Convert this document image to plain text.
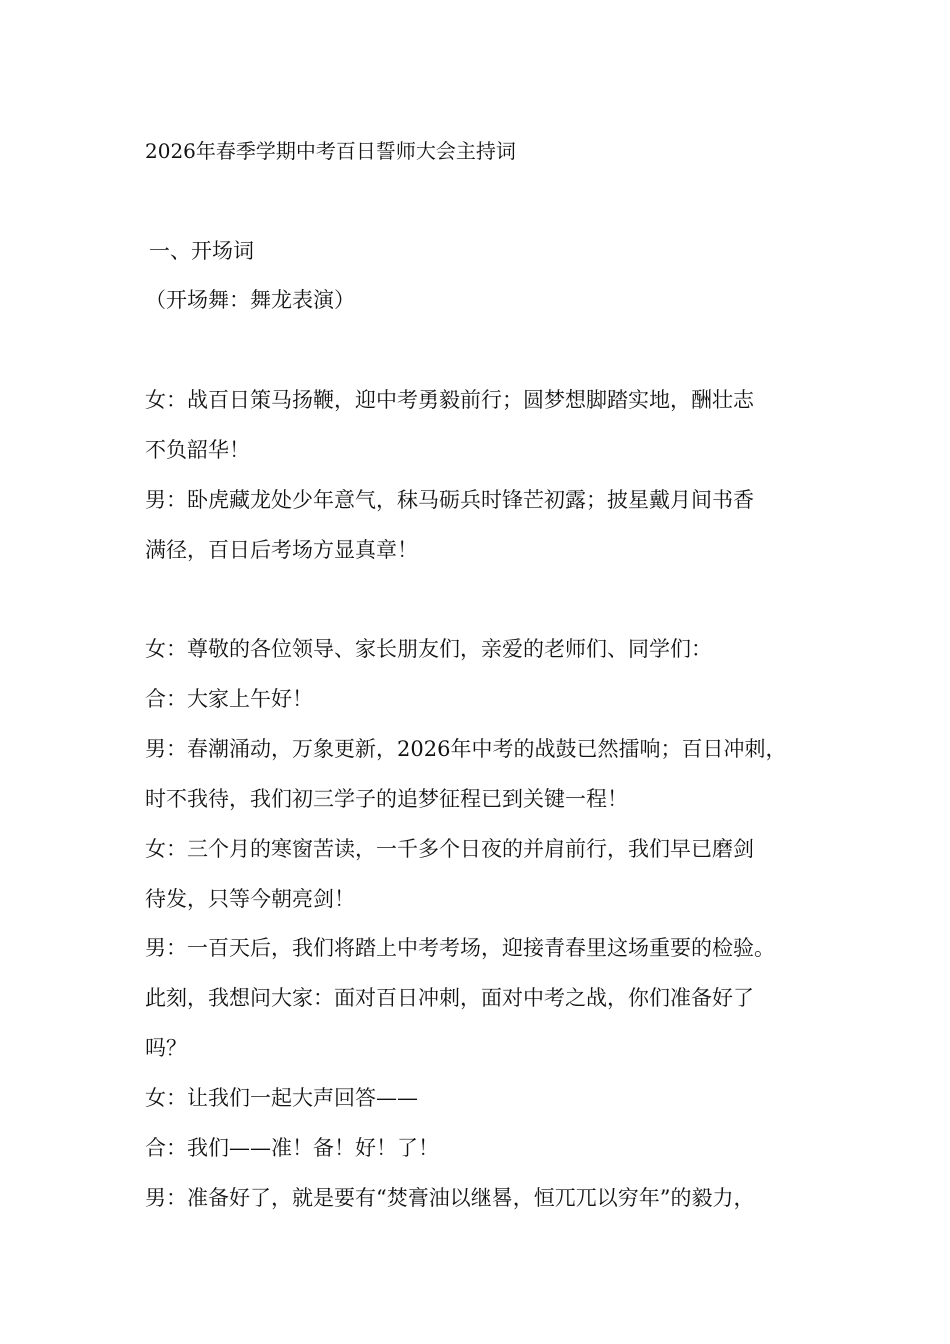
2026年春季学期中考百日誓师大会主持词
一、开场词
（开场舞：舞龙表演）
女：战百日策马扬鞭，迎中考勇毅前行；圆梦想脚踏实地，酬壮志
不负韶华！
男：卧虎藏龙处少年意气，秣马砺兵时锋芒初露；披星戴月间书香
满径，百日后考场方显真章！
女：尊敬的各位领导、家长朋友们，亲爱的老师们、同学们：
合：大家上午好！
男：春潮涌动，万象更新，2026年中考的战鼓已然擂响；百日冲刺，
时不我待，我们初三学子的追梦征程已到关键一程！
女：三个月的寒窗苦读，一千多个日夜的并肩前行，我们早已磨剑
待发，只等今朝亮剑！
男：一百天后，我们将踏上中考考场，迎接青春里这场重要的检验。
此刻，我想问大家：面对百日冲刺，面对中考之战，你们准备好了
吗？
女：让我们一起大声回答——
合：我们——准！备！好！了！
男：准备好了，就是要有“焚膏油以继晷，恒兀兀以穷年”的毅力，
